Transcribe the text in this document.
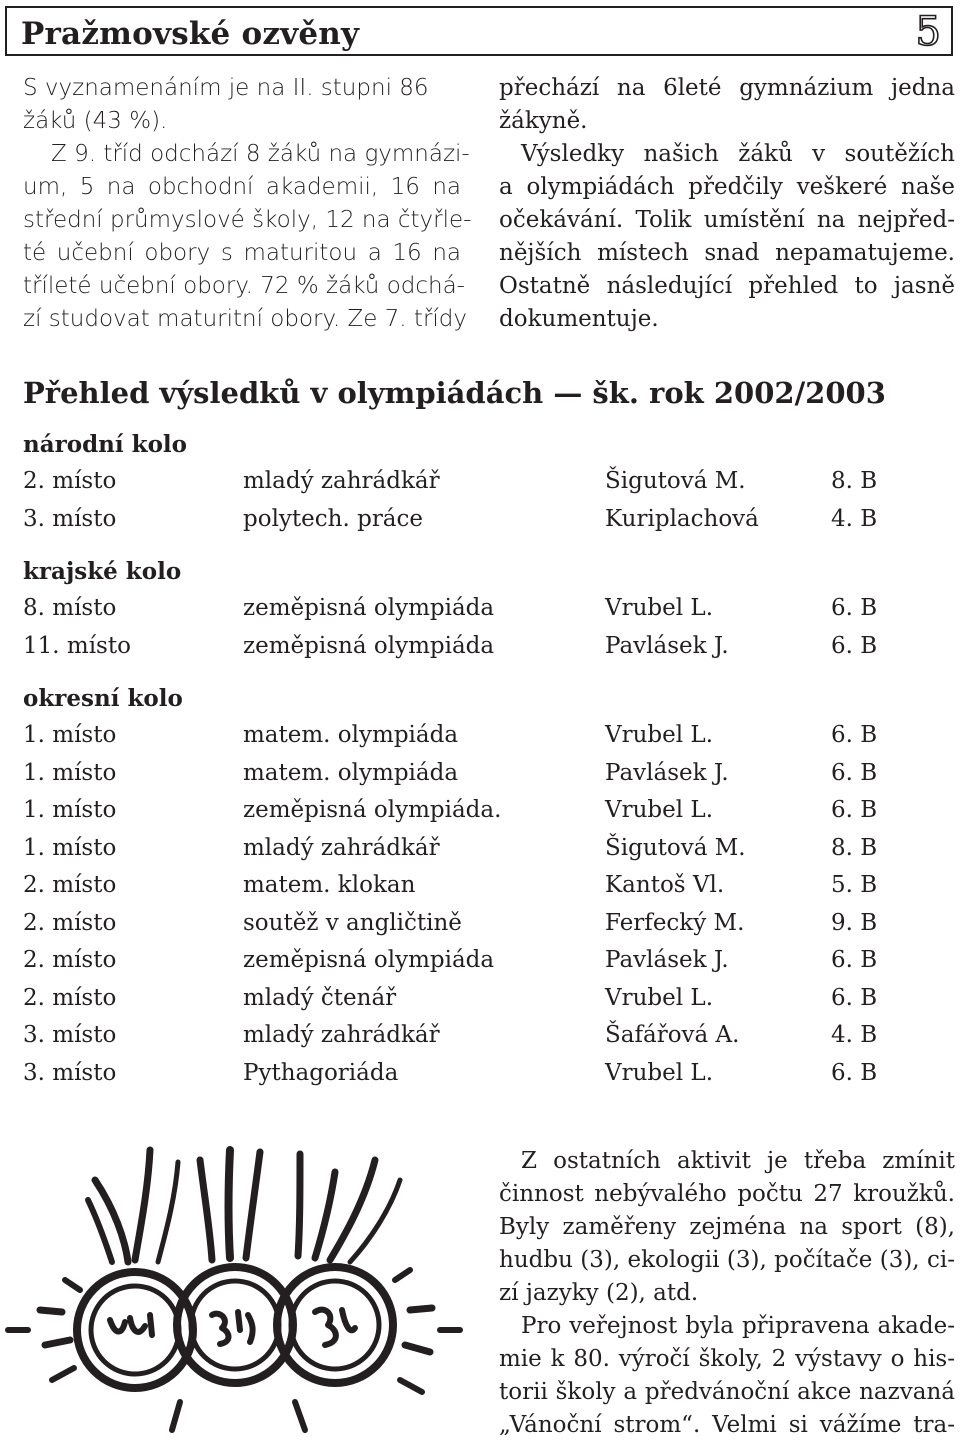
Pražmovské ozvěny	5
S vyznamenáním je na II. stupni 86
žáků (43 %).
Z 9. tříd odchází 8 žáků na gymnázi-
um, 5 na obchodní akademii, 16 na
střední průmyslové školy, 12 na čtyřle-
té učební obory s maturitou a 16 na
tříleté učební obory. 72 % žáků odchá-
zí studovat maturitní obory. Ze 7. třídy
přechází na 6leté gymnázium jedna
žákyně.
Výsledky našich žáků v soutěžích
a olympiádách předčily veškeré naše
očekávání. Tolik umístění na nejpřed-
nějších místech snad nepamatujeme.
Ostatně následující přehled to jasně
dokumentuje.
Přehled výsledků v olympiádách — šk. rok 2002/2003
národní kolo
2. místo	mladý zahrádkář	Šigutová M.	8. B
3. místo	polytech. práce	Kuriplachová	4. B
krajské kolo
8. místo	zeměpisná olympiáda	Vrubel L.	6. B
11. místo	zeměpisná olympiáda	Pavlásek J.	6. B
okresní kolo
1. místo	matem. olympiáda	Vrubel L.	6. B
1. místo	matem. olympiáda	Pavlásek J.	6. B
1. místo	zeměpisná olympiáda.	Vrubel L.	6. B
1. místo	mladý zahrádkář	Šigutová M.	8. B
2. místo	matem. klokan	Kantoš Vl.	5. B
2. místo	soutěž v angličtině	Ferfecký M.	9. B
2. místo	zeměpisná olympiáda	Pavlásek J.	6. B
2. místo	mladý čtenář	Vrubel L.	6. B
3. místo	mladý zahrádkář	Šafářová A.	4. B
3. místo	Pythagoriáda	Vrubel L.	6. B
Z ostatních aktivit je třeba zmínit
činnost nebývalého počtu 27 kroužků.
Byly zaměřeny zejména na sport (8),
hudbu (3), ekologii (3), počítače (3), ci-
zí jazyky (2), atd.
Pro veřejnost byla připravena akade-
mie k 80. výročí školy, 2 výstavy o his-
torii školy a předvánoční akce nazvaná
„Vánoční strom“. Velmi si vážíme tra-
